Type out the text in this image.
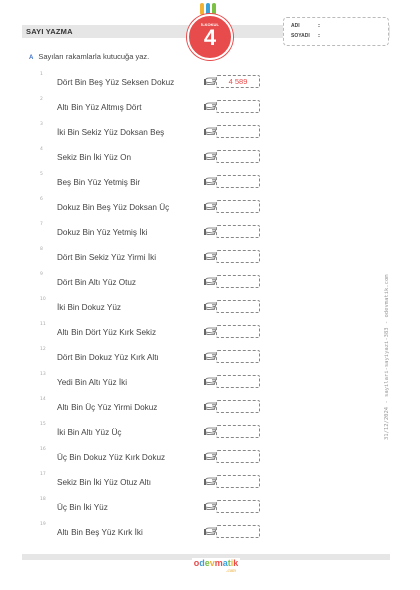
SAYI YAZMA
İLKOKUL
4	ADI	:
SOYADI :
A Sayıları rakamlarla kutucuğa yaz.
1
Dört Bin Beş Yüz Seksen Dokuz	4 589
2
Altı Bin Yüz Altmış Dört
3
İki Bin Sekiz Yüz Doksan Beş
4
Sekiz Bin İki Yüz On
5
Beş Bin Yüz Yetmiş Bir
6
Dokuz Bin Beş Yüz Doksan Üç
7
Dokuz Bin Yüz Yetmiş İki
8
Dört Bin Sekiz Yüz Yirmi İki
9
Dört Bin Altı Yüz Otuz
10
İki Bin Dokuz Yüz
11
Altı Bin Dört Yüz Kırk Sekiz
12
Dört Bin Dokuz Yüz Kırk Altı
13
Yedi Bin Altı Yüz İki
14
Altı Bin Üç Yüz Yirmi Dokuz
15
İki Bin Altı Yüz Üç
16
Üç Bin Dokuz Yüz Kırk Dokuz
17
Sekiz Bin İki Yüz Otuz Altı
18
Üç Bin İki Yüz
19
Altı Bin Beş Yüz Kırk İki
31/12/2024 - sayilari-sayiyazi-383 - odevmatik.com
odevmatik
.com
